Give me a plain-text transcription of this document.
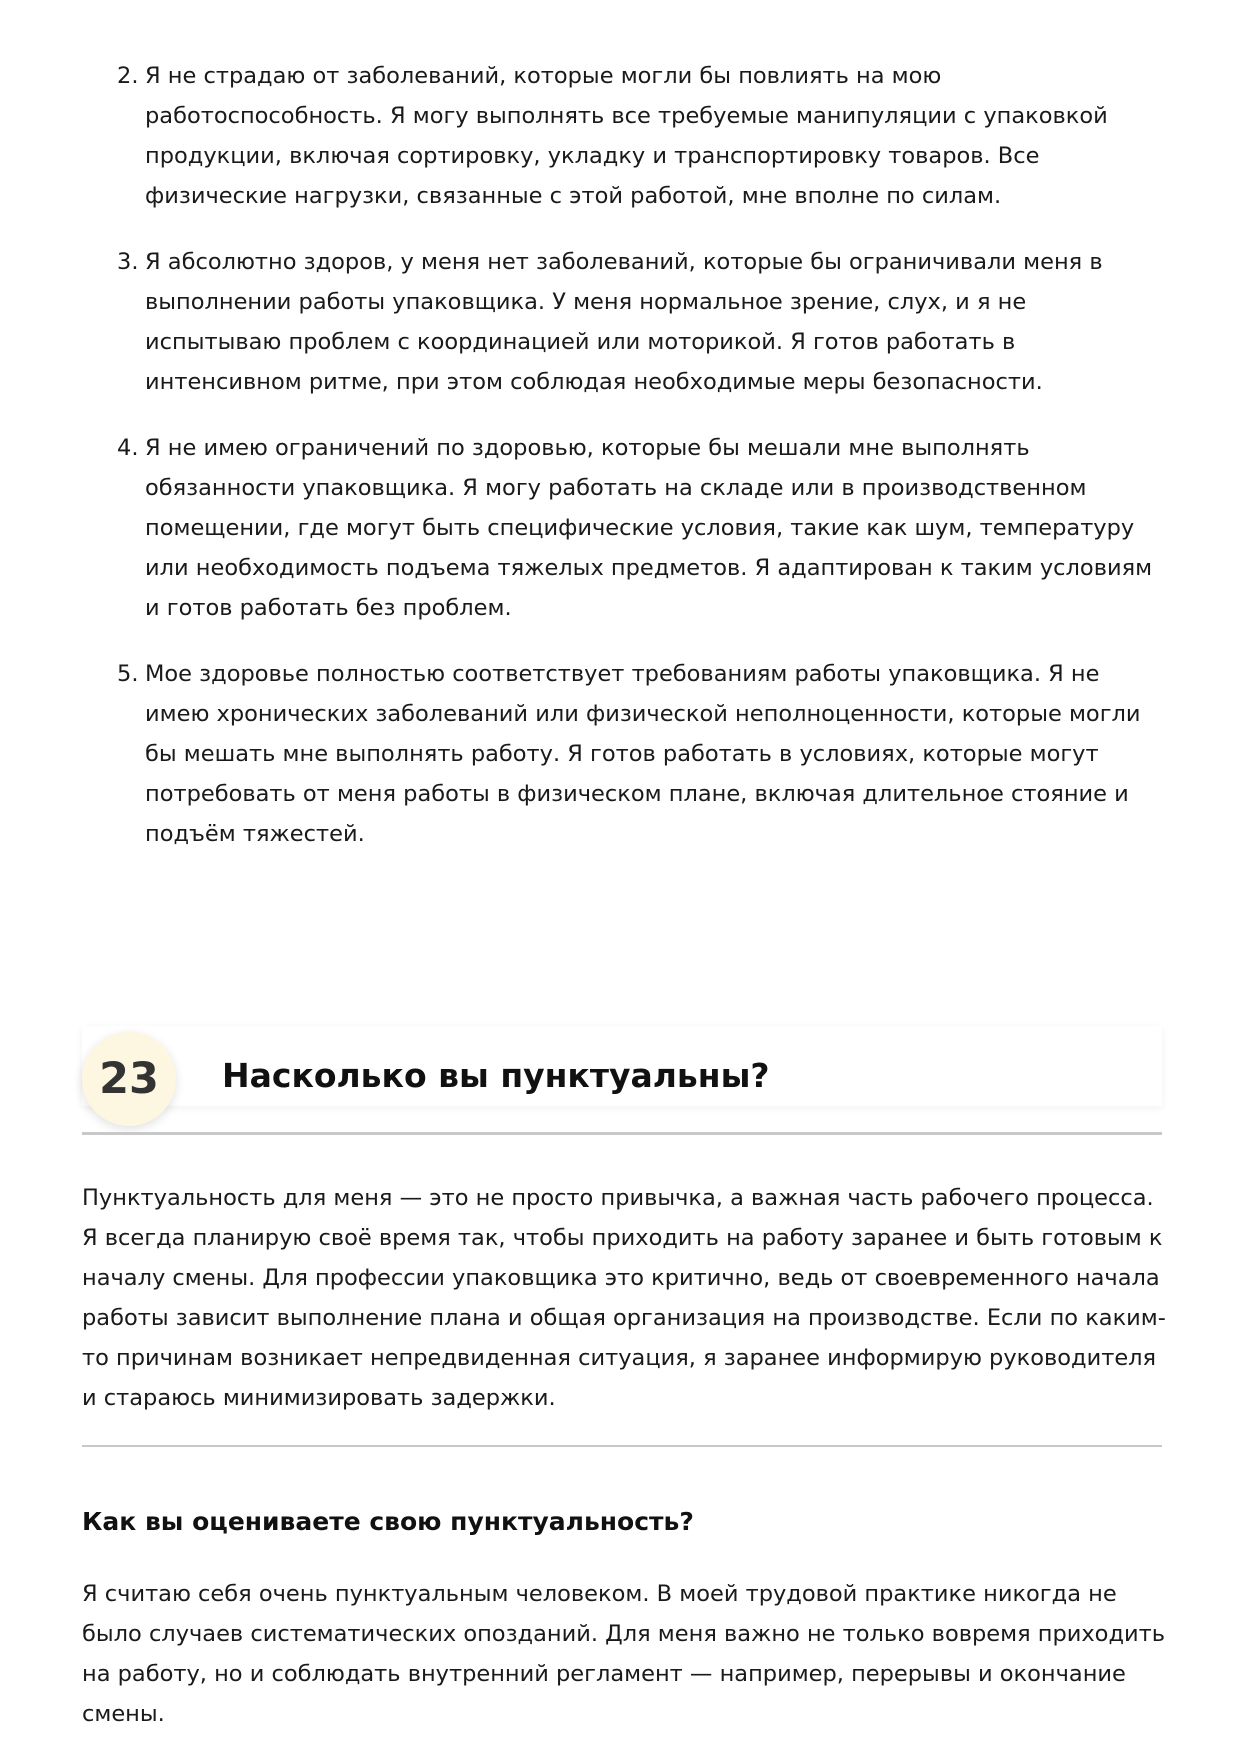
2. Я не страдаю от заболеваний, которые могли бы повлиять на мою работоспособность. Я могу выполнять все требуемые манипуляции с упаковкой продукции, включая сортировку, укладку и транспортировку товаров. Все физические нагрузки, связанные с этой работой, мне вполне по силам.
3. Я абсолютно здоров, у меня нет заболеваний, которые бы ограничивали меня в выполнении работы упаковщика. У меня нормальное зрение, слух, и я не испытываю проблем с координацией или моторикой. Я готов работать в интенсивном ритме, при этом соблюдая необходимые меры безопасности.
4. Я не имею ограничений по здоровью, которые бы мешали мне выполнять обязанности упаковщика. Я могу работать на складе или в производственном помещении, где могут быть специфические условия, такие как шум, температуру или необходимость подъема тяжелых предметов. Я адаптирован к таким условиям и готов работать без проблем.
5. Мое здоровье полностью соответствует требованиям работы упаковщика. Я не имею хронических заболеваний или физической неполноценности, которые могли бы мешать мне выполнять работу. Я готов работать в условиях, которые могут потребовать от меня работы в физическом плане, включая длительное стояние и подъём тяжестей.
23	Насколько вы пунктуальны?

Пунктуальность для меня — это не просто привычка, а важная часть рабочего процесса. Я всегда планирую своё время так, чтобы приходить на работу заранее и быть готовым к началу смены. Для профессии упаковщика это критично, ведь от своевременного начала работы зависит выполнение плана и общая организация на производстве. Если по каким-то причинам возникает непредвиденная ситуация, я заранее информирую руководителя и стараюсь минимизировать задержки.

Как вы оцениваете свою пунктуальность?

Я считаю себя очень пунктуальным человеком. В моей трудовой практике никогда не было случаев систематических опозданий. Для меня важно не только вовремя приходить на работу, но и соблюдать внутренний регламент — например, перерывы и окончание смены.
